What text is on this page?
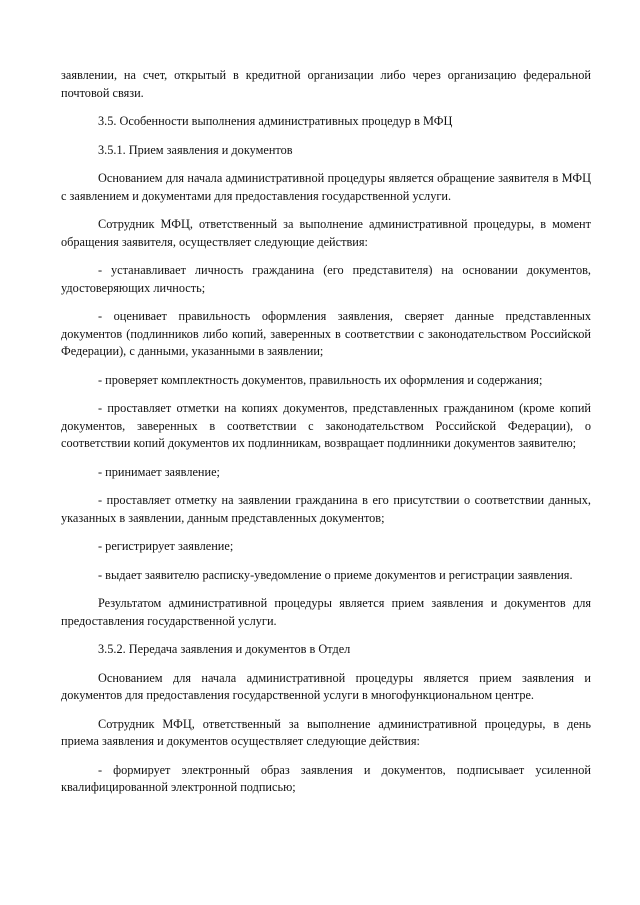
заявлении, на счет, открытый в кредитной организации либо через организацию федеральной почтовой связи.

3.5. Особенности выполнения административных процедур в МФЦ

3.5.1. Прием заявления и документов

Основанием для начала административной процедуры является обращение заявителя в МФЦ с заявлением и документами для предоставления государственной услуги.

Сотрудник МФЦ, ответственный за выполнение административной процедуры, в момент обращения заявителя, осуществляет следующие действия:

- устанавливает личность гражданина (его представителя) на основании документов, удостоверяющих личность;

- оценивает правильность оформления заявления, сверяет данные представленных документов (подлинников либо копий, заверенных в соответствии с законодательством Российской Федерации), с данными, указанными в заявлении;

- проверяет комплектность документов, правильность их оформления и содержания;

- проставляет отметки на копиях документов, представленных гражданином (кроме копий документов, заверенных в соответствии с законодательством Российской Федерации), о соответствии копий документов их подлинникам, возвращает подлинники документов заявителю;

- принимает заявление;

- проставляет отметку на заявлении гражданина в его присутствии о соответствии данных, указанных в заявлении, данным представленных документов;

- регистрирует заявление;

- выдает заявителю расписку-уведомление о приеме документов и регистрации заявления.

Результатом административной процедуры является прием заявления и документов для предоставления государственной услуги.

3.5.2. Передача заявления и документов в Отдел

Основанием для начала административной процедуры является прием заявления и документов для предоставления государственной услуги в многофункциональном центре.

Сотрудник МФЦ, ответственный за выполнение административной процедуры, в день приема заявления и документов осуществляет следующие действия:

- формирует электронный образ заявления и документов, подписывает усиленной квалифицированной электронной подписью;
